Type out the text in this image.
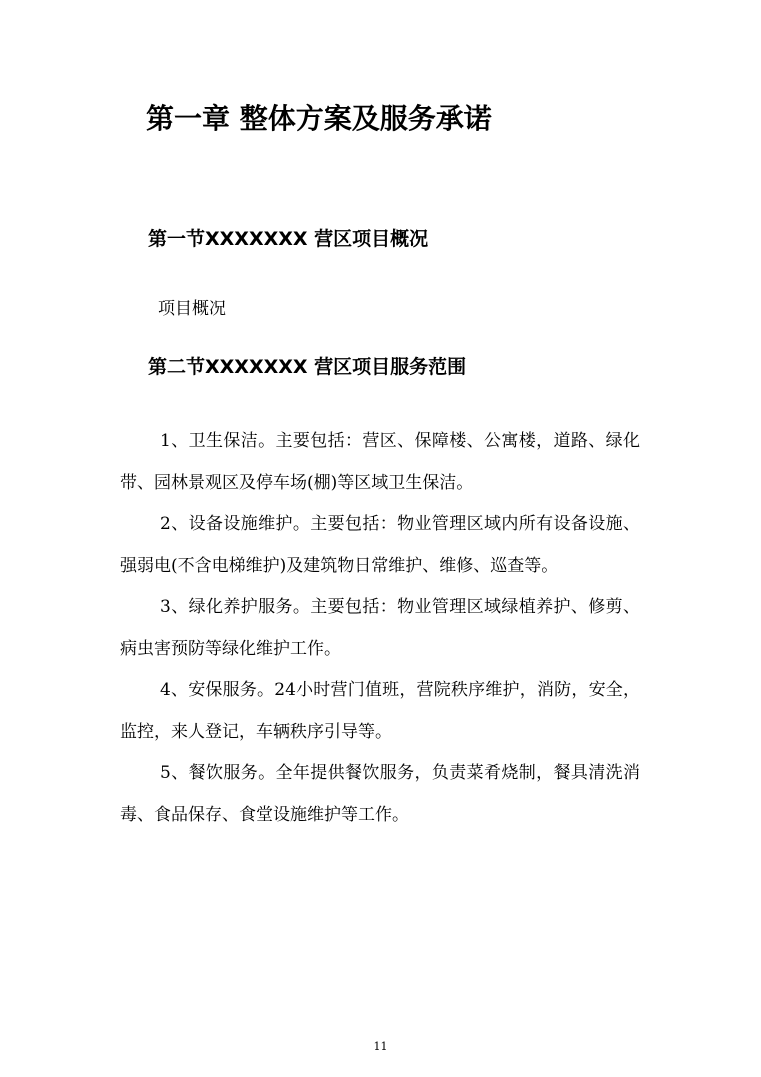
第一章 整体方案及服务承诺
第一节XXXXXXX 营区项目概况

项目概况

第二节XXXXXXX 营区项目服务范围
1、卫生保洁。主要包括：营区、保障楼、公寓楼，道路、绿化带、园林景观区及停车场(棚)等区域卫生保洁。
2、设备设施维护。主要包括：物业管理区域内所有设备设施、强弱电(不含电梯维护)及建筑物日常维护、维修、巡查等。
3、绿化养护服务。主要包括：物业管理区域绿植养护、修剪、病虫害预防等绿化维护工作。
4、安保服务。24小时营门值班，营院秩序维护，消防，安全，监控，来人登记，车辆秩序引导等。
5、餐饮服务。全年提供餐饮服务，负责菜肴烧制，餐具清洗消毒、食品保存、食堂设施维护等工作。
11
